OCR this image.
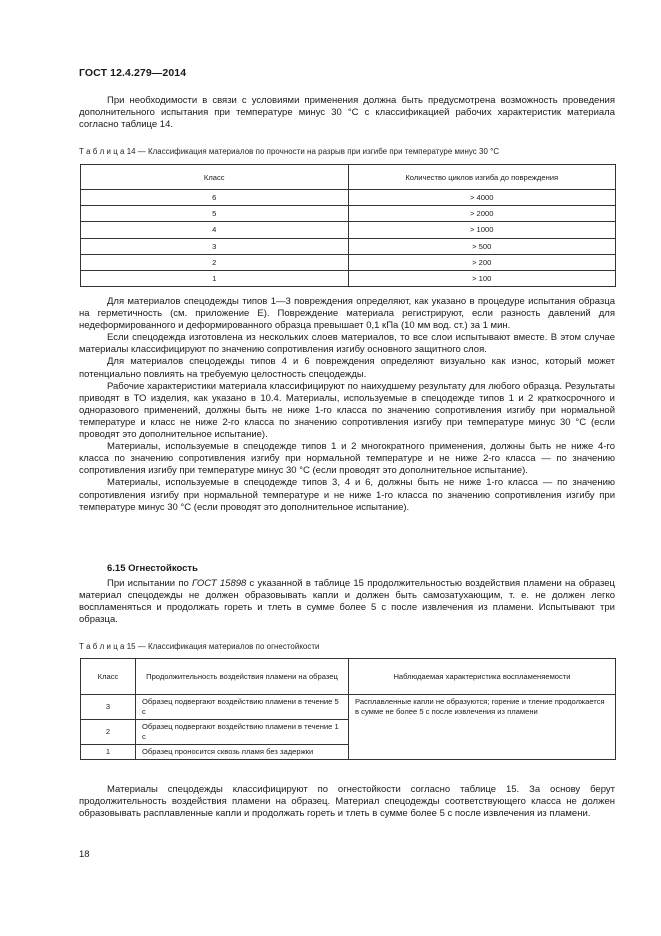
ГОСТ 12.4.279—2014

При необходимости в связи с условиями применения должна быть предусмотрена возможность проведения дополнительного испытания при температуре минус 30 °С с классификацией рабочих характеристик материала согласно таблице 14.

Т а б л и ц а 14 — Классификация материалов по прочности на разрыв при изгибе при температуре минус 30 °С
Класс	Количество циклов изгиба до повреждения
6	> 4000
5	> 2000
4	> 1000
3	> 500
2	> 200
1	> 100

Для материалов спецодежды типов 1—3 повреждения определяют, как указано в процедуре испытания образца на герметичность (см. приложение Е). Повреждение материала регистрируют, если разность давлений для недеформированного и деформированного образца превышает 0,1 кПа (10 мм вод. ст.) за 1 мин.

Если спецодежда изготовлена из нескольких слоев материалов, то все слои испытывают вместе. В этом случае материалы классифицируют по значению сопротивления изгибу основного защитного слоя.

Для материалов спецодежды типов 4 и 6 повреждения определяют визуально как износ, который может потенциально повлиять на требуемую целостность спецодежды.

Рабочие характеристики материала классифицируют по наихудшему результату для любого образца. Результаты приводят в ТО изделия, как указано в 10.4. Материалы, используемые в спецодежде типов 1 и 2 краткосрочного и одноразового применений, должны быть не ниже 1-го класса по значению сопротивления изгибу при нормальной температуре и класс не ниже 2-го класса по значению сопротивления изгибу при температуре минус 30 °С (если проводят это дополнительное испытание).

Материалы, используемые в спецодежде типов 1 и 2 многократного применения, должны быть не ниже 4-го класса по значению сопротивления изгибу при нормальной температуре и не ниже 2-го класса — по значению сопротивления изгибу при температуре минус 30 °С (если проводят это дополнительное испытание).

Материалы, используемые в спецодежде типов 3, 4 и 6, должны быть не ниже 1-го класса — по значению сопротивления изгибу при нормальной температуре и не ниже 1-го класса по значению сопротивления изгибу при температуре минус 30 °С (если проводят это дополнительное испытание).

6.15 Огнестойкость

При испытании по ГОСТ 15898 с указанной в таблице 15 продолжительностью воздействия пламени на образец материал спецодежды не должен образовывать капли и должен быть самозатухающим, т. е. не должен легко воспламеняться и продолжать гореть и тлеть в сумме более 5 с после извлечения из пламени. Испытывают три образца.

Т а б л и ц а 15 — Классификация материалов по огнестойкости
Класс	Продолжительность воздействия пламени на образец	Наблюдаемая характеристика воспламеняемости
3	Образец подвергают воздействию пламени в течение 5 с	Расплавленные капли не образуются; горение и тление продолжается в сумме не более 5 с после извлечения из пламени
2	Образец подвергают воздействию пламени в течение 1 с	
1	Образец проносится сквозь пламя без задержки	

Материалы спецодежды классифицируют по огнестойкости согласно таблице 15. За основу берут продолжительность воздействия пламени на образец. Материал спецодежды соответствующего класса не должен образовывать расплавленные капли и продолжать гореть и тлеть в сумме более 5 с после извлечения из пламени.

18
